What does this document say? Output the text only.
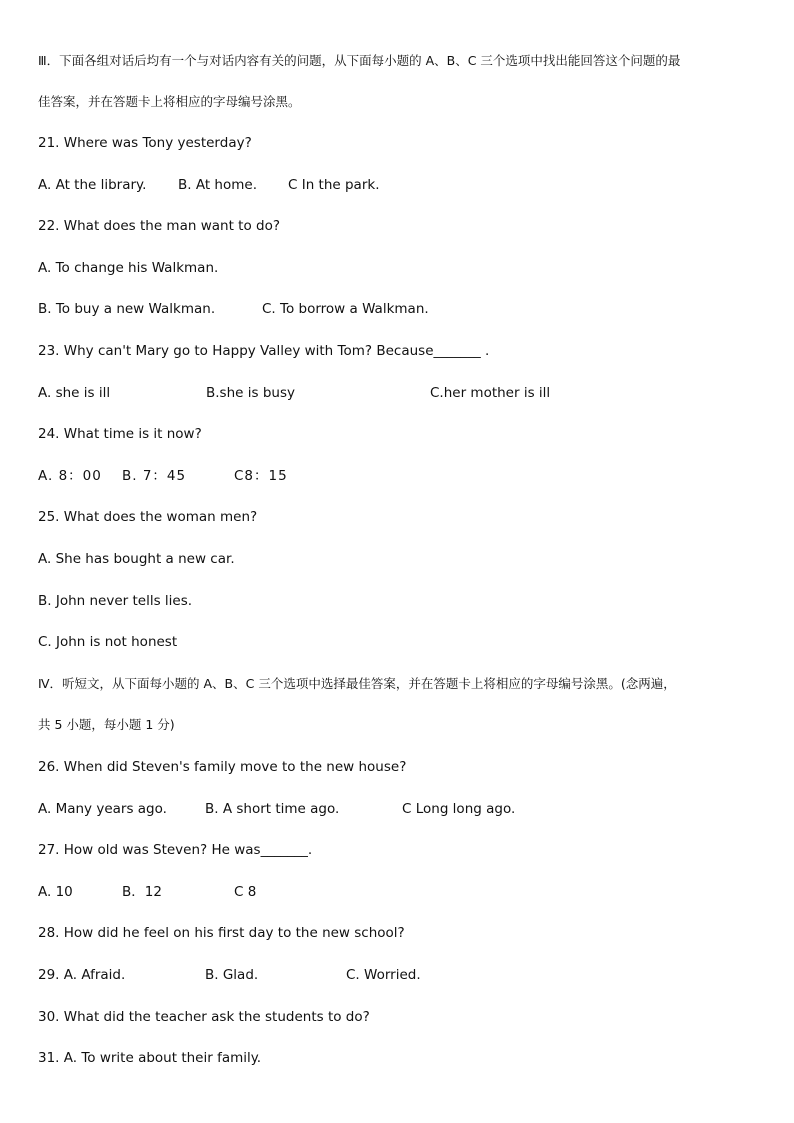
Ⅲ．下面各组对话后均有一个与对话内容有关的问题，从下面每小题的 A、B、C 三个选项中找出能回答这个问题的最
佳答案，并在答题卡上将相应的字母编号涂黑。
21. Where was Tony yesterday?
A. At the library. B. At home. C In the park.
22. What does the man want to do?
A. To change his Walkman.
B. To buy a new Walkman.	C. To borrow a Walkman.
23. Why can't Mary go to Happy Valley with Tom? Because_______ .
A. she is ill	B.she is busy	C.her mother is ill
24. What time is it now?
A. 8：00 B. 7：45	C8：15
25. What does the woman men?
A. She has bought a new car.
B. John never tells lies.
C. John is not honest
Ⅳ．听短文，从下面每小题的 A、B、C 三个选项中选择最佳答案，并在答题卡上将相应的字母编号涂黑。(念两遍，
共 5 小题，每小题 1 分)
26. When did Steven's family move to the new house?
A. Many years ago.	B. A short time ago.	C Long long ago.
27. How old was Steven? He was_______.
A. 10	B．12	C 8
28. How did he feel on his first day to the new school?
29. A. Afraid.	B. Glad.	C. Worried.
30. What did the teacher ask the students to do?
31. A. To write about their family.
